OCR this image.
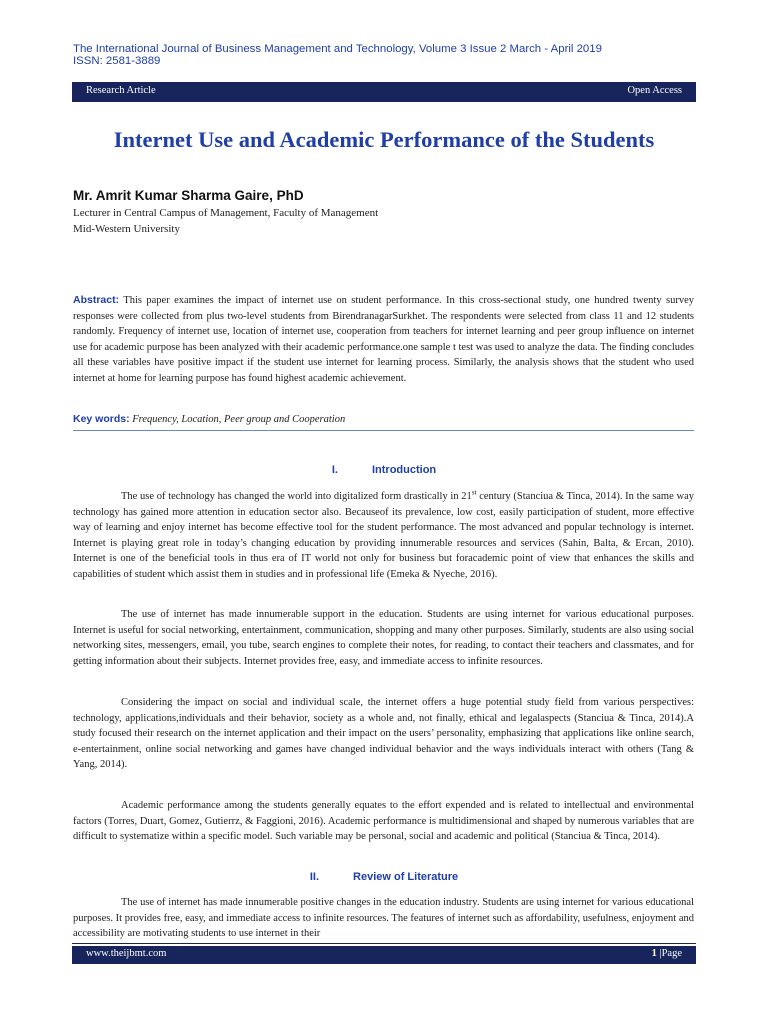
The International Journal of Business Management and Technology, Volume 3 Issue 2 March - April 2019
ISSN: 2581-3889
Research Article	Open Access
Internet Use and Academic Performance of the Students
Mr. Amrit Kumar Sharma Gaire, PhD
Lecturer in Central Campus of Management, Faculty of Management
Mid-Western University
Abstract: This paper examines the impact of internet use on student performance. In this cross-sectional study, one hundred twenty survey responses were collected from plus two-level students from BirendranagarSurkhet. The respondents were selected from class 11 and 12 students randomly. Frequency of internet use, location of internet use, cooperation from teachers for internet learning and peer group influence on internet use for academic purpose has been analyzed with their academic performance.one sample t test was used to analyze the data. The finding concludes all these variables have positive impact if the student use internet for learning process. Similarly, the analysis shows that the student who used internet at home for learning purpose has found highest academic achievement.
Key words: Frequency, Location, Peer group and Cooperation
I.	Introduction
The use of technology has changed the world into digitalized form drastically in 21st century (Stanciua & Tinca, 2014). In the same way technology has gained more attention in education sector also. Becauseof its prevalence, low cost, easily participation of student, more effective way of learning and enjoy internet has become effective tool for the student performance. The most advanced and popular technology is internet. Internet is playing great role in today’s changing education by providing innumerable resources and services (Sahin, Balta, & Ercan, 2010). Internet is one of the beneficial tools in thus era of IT world not only for business but foracademic point of view that enhances the skills and capabilities of student which assist them in studies and in professional life (Emeka & Nyeche, 2016).
The use of internet has made innumerable support in the education. Students are using internet for various educational purposes. Internet is useful for social networking, entertainment, communication, shopping and many other purposes. Similarly, students are also using social networking sites, messengers, email, you tube, search engines to complete their notes, for reading, to contact their teachers and classmates, and for getting information about their subjects. Internet provides free, easy, and immediate access to infinite resources.
Considering the impact on social and individual scale, the internet offers a huge potential study field from various perspectives: technology, applications,individuals and their behavior, society as a whole and, not finally, ethical and legalaspects (Stanciua & Tinca, 2014).A study focused their research on the internet application and their impact on the users’ personality, emphasizing that applications like online search, e-entertainment, online social networking and games have changed individual behavior and the ways individuals interact with others (Tang & Yang, 2014).
Academic performance among the students generally equates to the effort expended and is related to intellectual and environmental factors (Torres, Duart, Gomez, Gutierrz, & Faggioni, 2016). Academic performance is multidimensional and shaped by numerous variables that are difficult to systematize within a specific model. Such variable may be personal, social and academic and political (Stanciua & Tinca, 2014).
II.	Review of Literature
The use of internet has made innumerable positive changes in the education industry. Students are using internet for various educational purposes. It provides free, easy, and immediate access to infinite resources. The features of internet such as affordability, usefulness, enjoyment and accessibility are motivating students to use internet in their
www.theijbmt.com	1 |Page
